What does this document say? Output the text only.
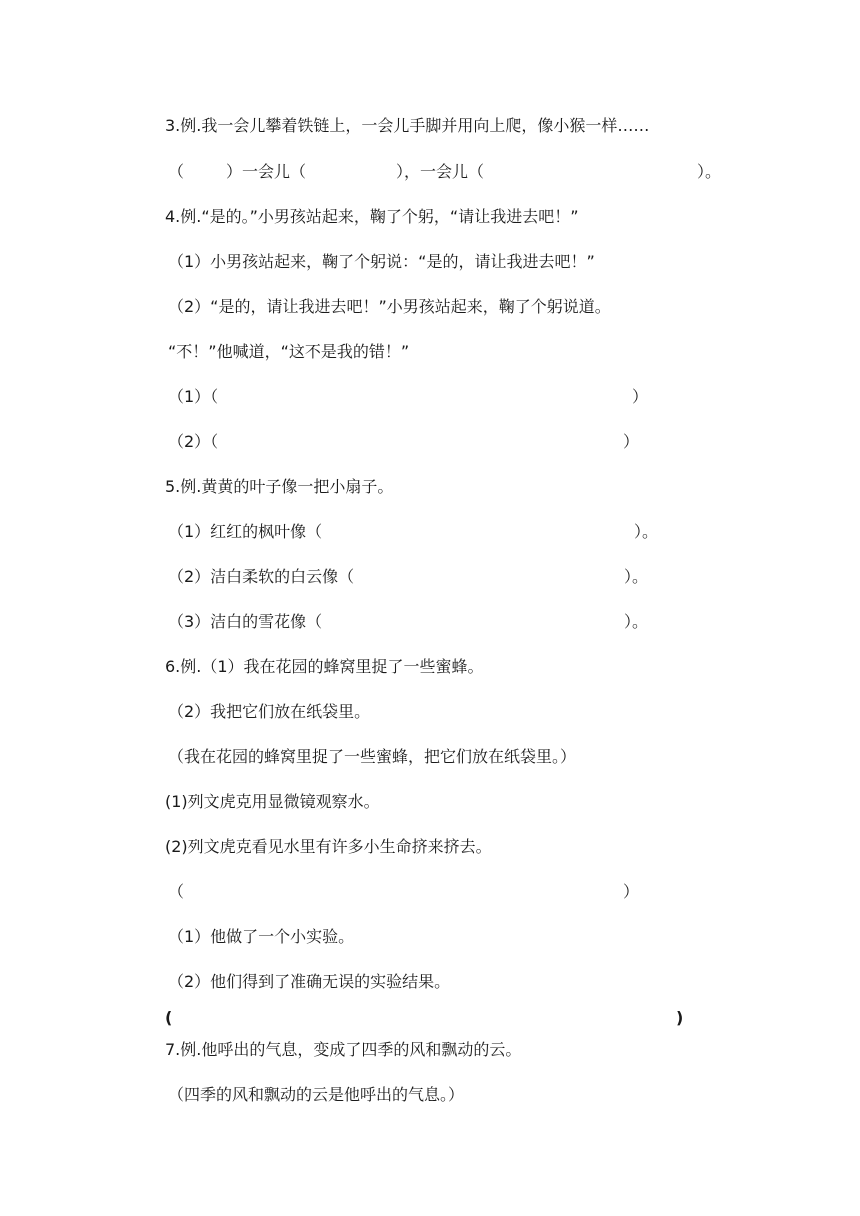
3.例.我一会儿攀着铁链上，一会儿手脚并用向上爬，像小猴一样……

（

	）一会儿（

	），一会儿（

	）。

4.例.“是的。”小男孩站起来，鞠了个躬，“请让我进去吧！”

（1）小男孩站起来，鞠了个躬说：“是的，请让我进去吧！”

（2）“是的，请让我进去吧！”小男孩站起来，鞠了个躬说道。

“不！”他喊道，“这不是我的错！”

（1）（

	）

（2）（

	）

5.例.黄黄的叶子像一把小扇子。

（1）红红的枫叶像（

	）。

（2）洁白柔软的白云像（

	）。

（3）洁白的雪花像（

	）。

6.例.（1）我在花园的蜂窝里捉了一些蜜蜂。

（2）我把它们放在纸袋里。

（我在花园的蜂窝里捉了一些蜜蜂，把它们放在纸袋里。）

(1)列文虎克用显微镜观察水。

(2)列文虎克看见水里有许多小生命挤来挤去。

（

	）

（1）他做了一个小实验。

（2）他们得到了准确无误的实验结果。

(

	)

7.例.他呼出的气息，变成了四季的风和飘动的云。

（四季的风和飘动的云是他呼出的气息。）
